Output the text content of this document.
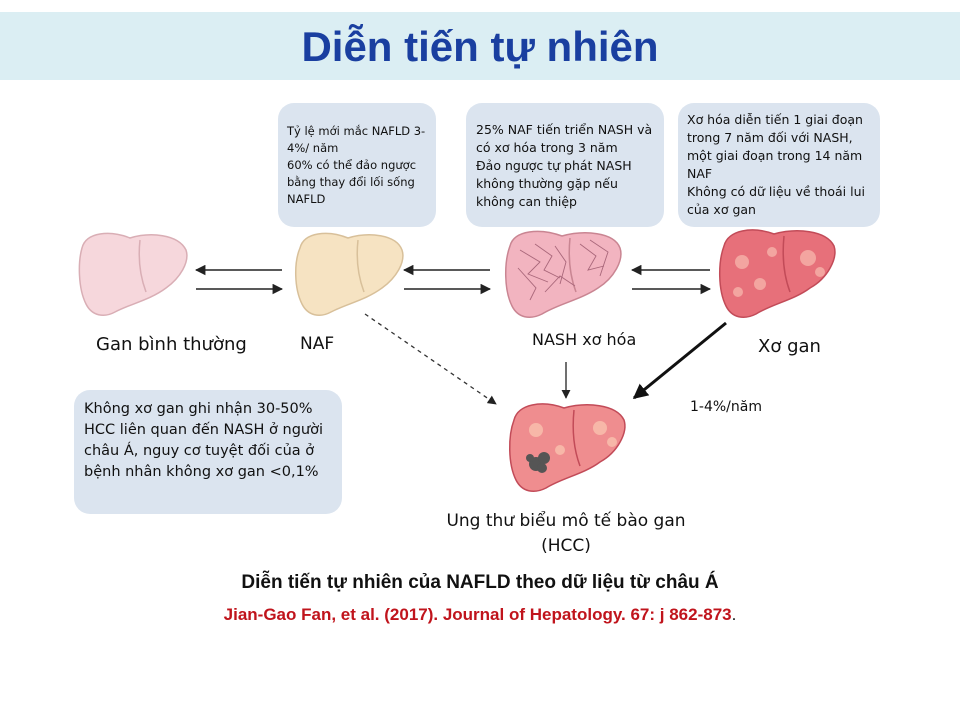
Diễn tiến tự nhiên

Tỷ lệ mới mắc NAFLD 3-4%/ năm

60% có thể đảo ngược bằng thay đổi lối sống NAFLD

25% NAF tiến triển NASH và có xơ hóa trong 3 năm

Đảo ngược tự phát NASH không thường gặp nếu không can thiệp

Xơ hóa diễn tiến 1 giai đoạn trong 7 năm đối với NASH, một giai đoạn trong 14 năm NAF

Không có dữ liệu về thoái lui của xơ gan

Không xơ gan ghi nhận 30-50% HCC liên quan đến NASH ở người châu Á, nguy cơ tuyệt đối của ở bệnh nhân không xơ gan <0,1%

Gan bình thường	NAF	NASH xơ hóa	Xơ gan
1-4%/năm
Ung thư biểu mô tế bào gan
(HCC)
Diễn tiến tự nhiên của NAFLD theo dữ liệu từ châu Á
Jian-Gao Fan, et al. (2017). Journal of Hepatology. 67: j 862-873.
